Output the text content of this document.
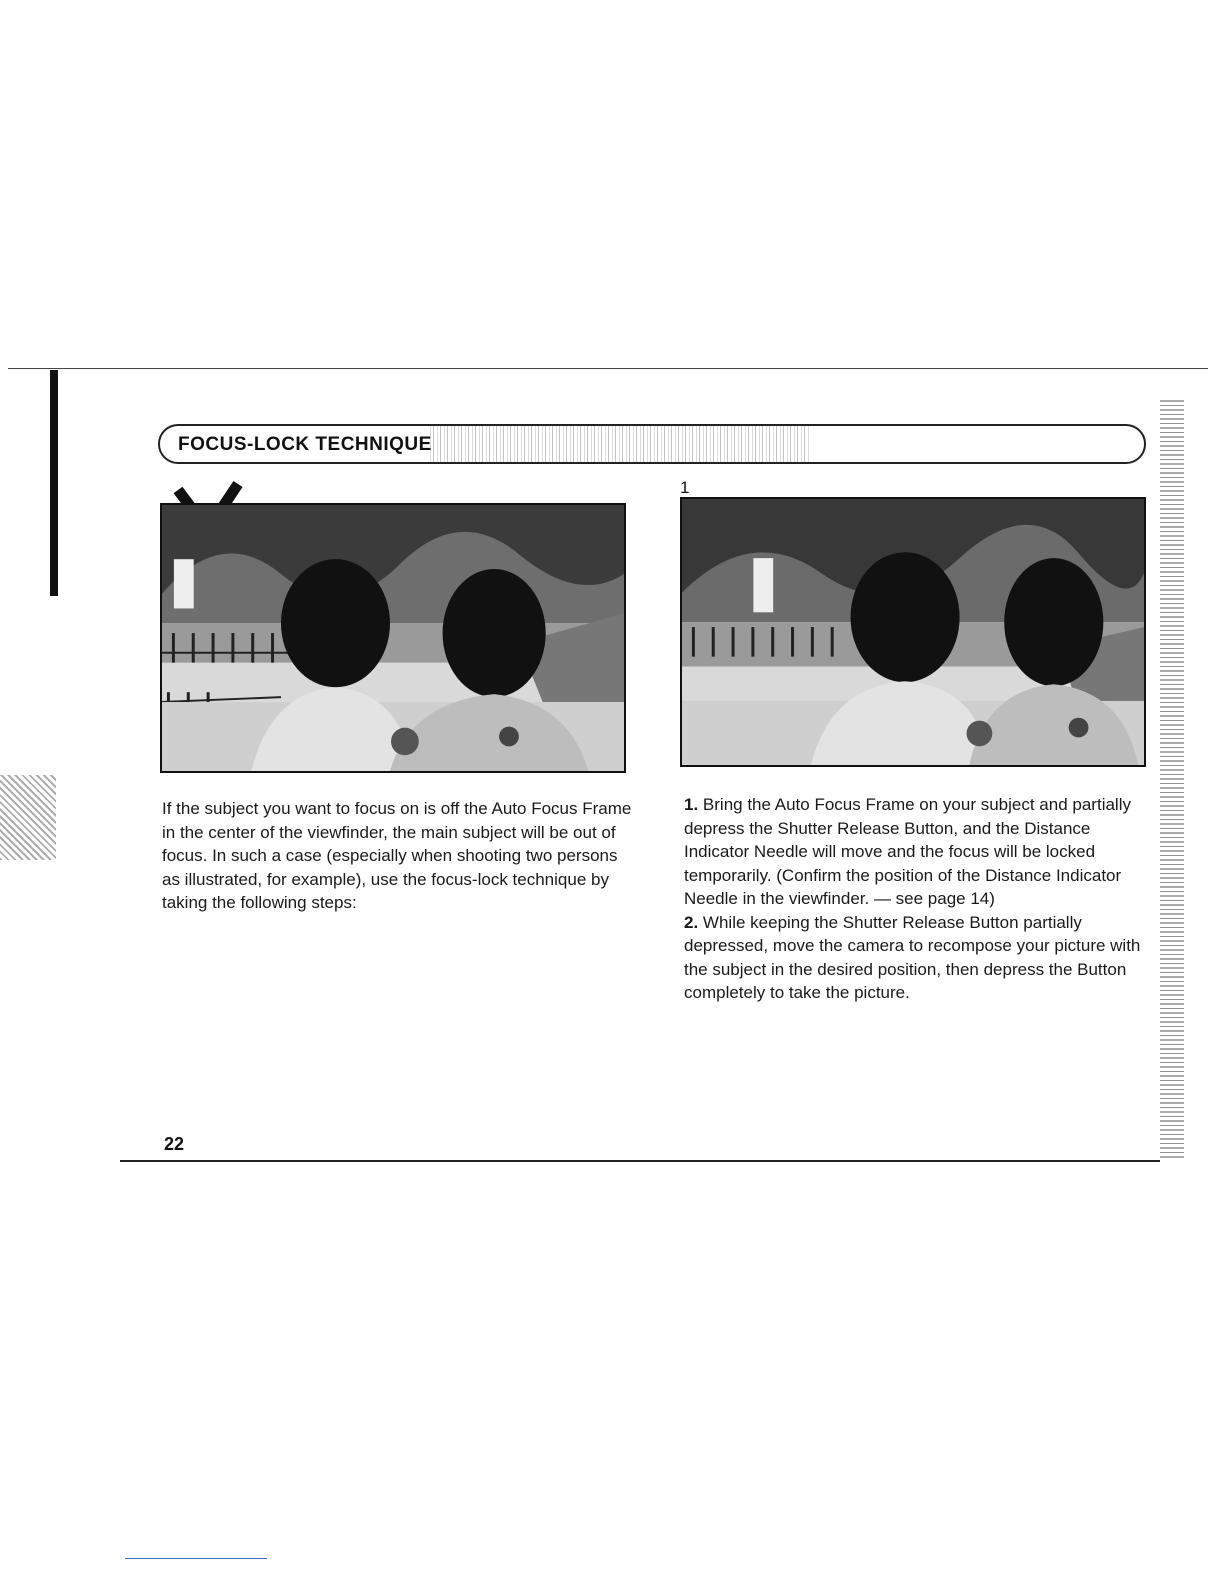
FOCUS-LOCK TECHNIQUE
1

If the subject you want to focus on is off the Auto Focus Frame in the center of the viewfinder, the main subject will be out of focus. In such a case (especially when shooting two persons as illustrated, for example), use the focus-lock technique by taking the following steps:

1. Bring the Auto Focus Frame on your subject and partially depress the Shutter Release Button, and the Distance Indicator Needle will move and the focus will be locked temporarily. (Confirm the position of the Distance Indicator Needle in the viewfinder. — see page 14)

2. While keeping the Shutter Release Button partially depressed, move the camera to recompose your picture with the subject in the desired position, then depress the Button completely to take the picture.

22
